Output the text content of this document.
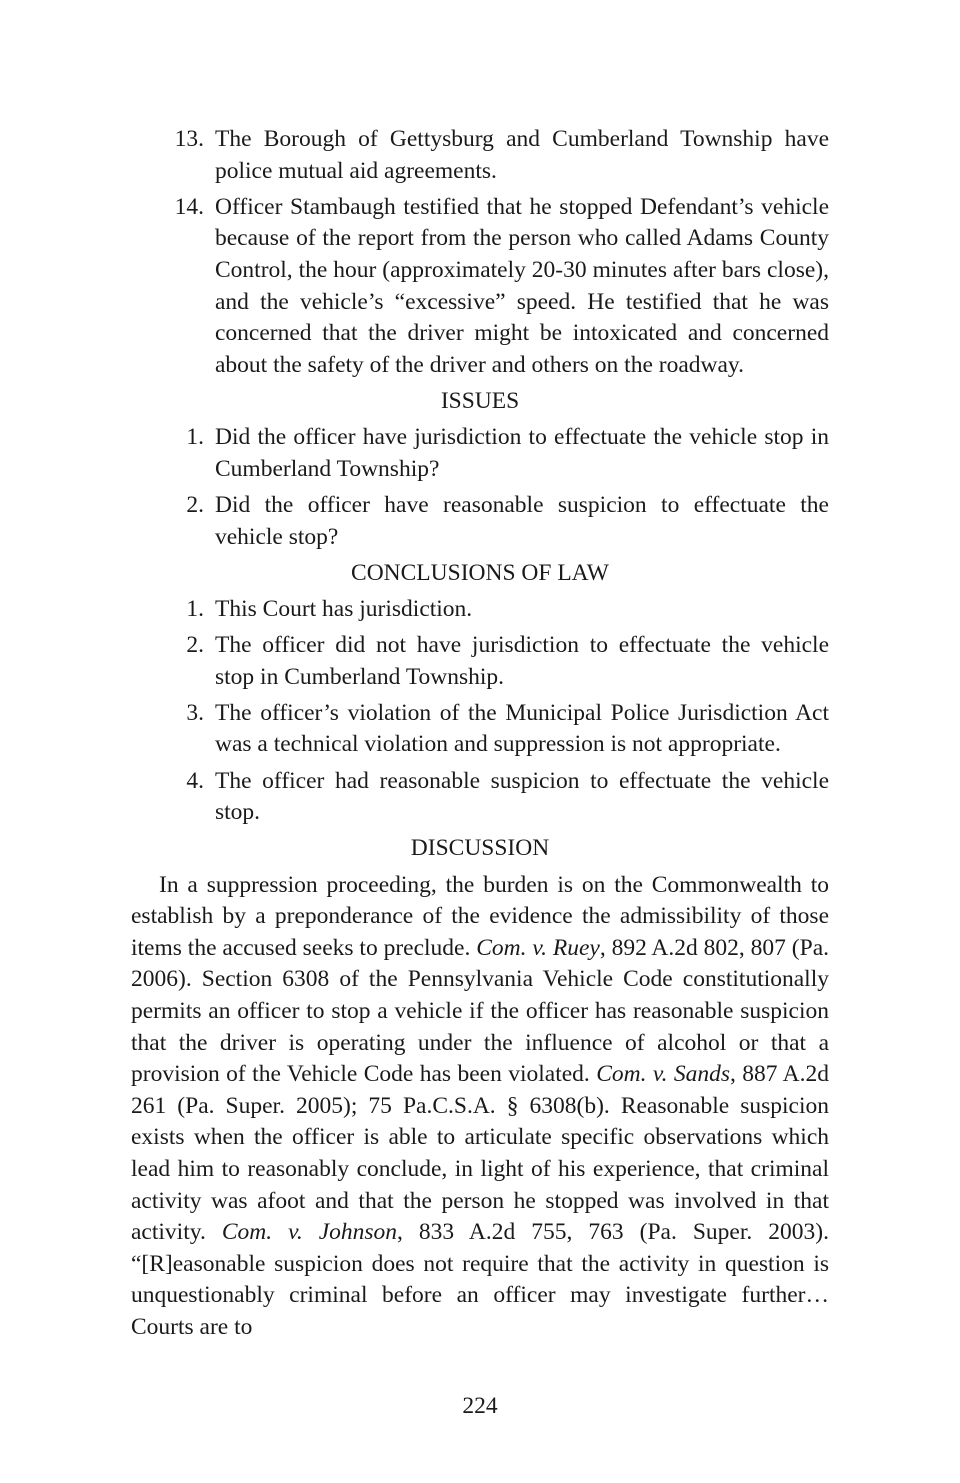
13. The Borough of Gettysburg and Cumberland Township have police mutual aid agreements.
14. Officer Stambaugh testified that he stopped Defendant’s vehicle because of the report from the person who called Adams County Control, the hour (approximately 20-30 minutes after bars close), and the vehicle’s “excessive” speed. He testified that he was concerned that the driver might be intoxicated and concerned about the safety of the driver and others on the roadway.
ISSUES
1. Did the officer have jurisdiction to effectuate the vehicle stop in Cumberland Township?
2. Did the officer have reasonable suspicion to effectuate the vehicle stop?
CONCLUSIONS OF LAW
1. This Court has jurisdiction.
2. The officer did not have jurisdiction to effectuate the vehicle stop in Cumberland Township.
3. The officer’s violation of the Municipal Police Jurisdiction Act was a technical violation and suppression is not appropriate.
4. The officer had reasonable suspicion to effectuate the vehicle stop.
DISCUSSION

In a suppression proceeding, the burden is on the Commonwealth to establish by a preponderance of the evidence the admissibility of those items the accused seeks to preclude. Com. v. Ruey, 892 A.2d 802, 807 (Pa. 2006). Section 6308 of the Pennsylvania Vehicle Code constitutionally permits an officer to stop a vehicle if the officer has reasonable suspicion that the driver is operating under the influence of alcohol or that a provision of the Vehicle Code has been violated. Com. v. Sands, 887 A.2d 261 (Pa. Super. 2005); 75 Pa.C.S.A. § 6308(b). Reasonable suspicion exists when the officer is able to articulate specific observations which lead him to reasonably conclude, in light of his experience, that criminal activity was afoot and that the person he stopped was involved in that activity. Com. v. Johnson, 833 A.2d 755, 763 (Pa. Super. 2003). “[R]easonable suspicion does not require that the activity in question is unquestionably criminal before an officer may investigate further…Courts are to

224
